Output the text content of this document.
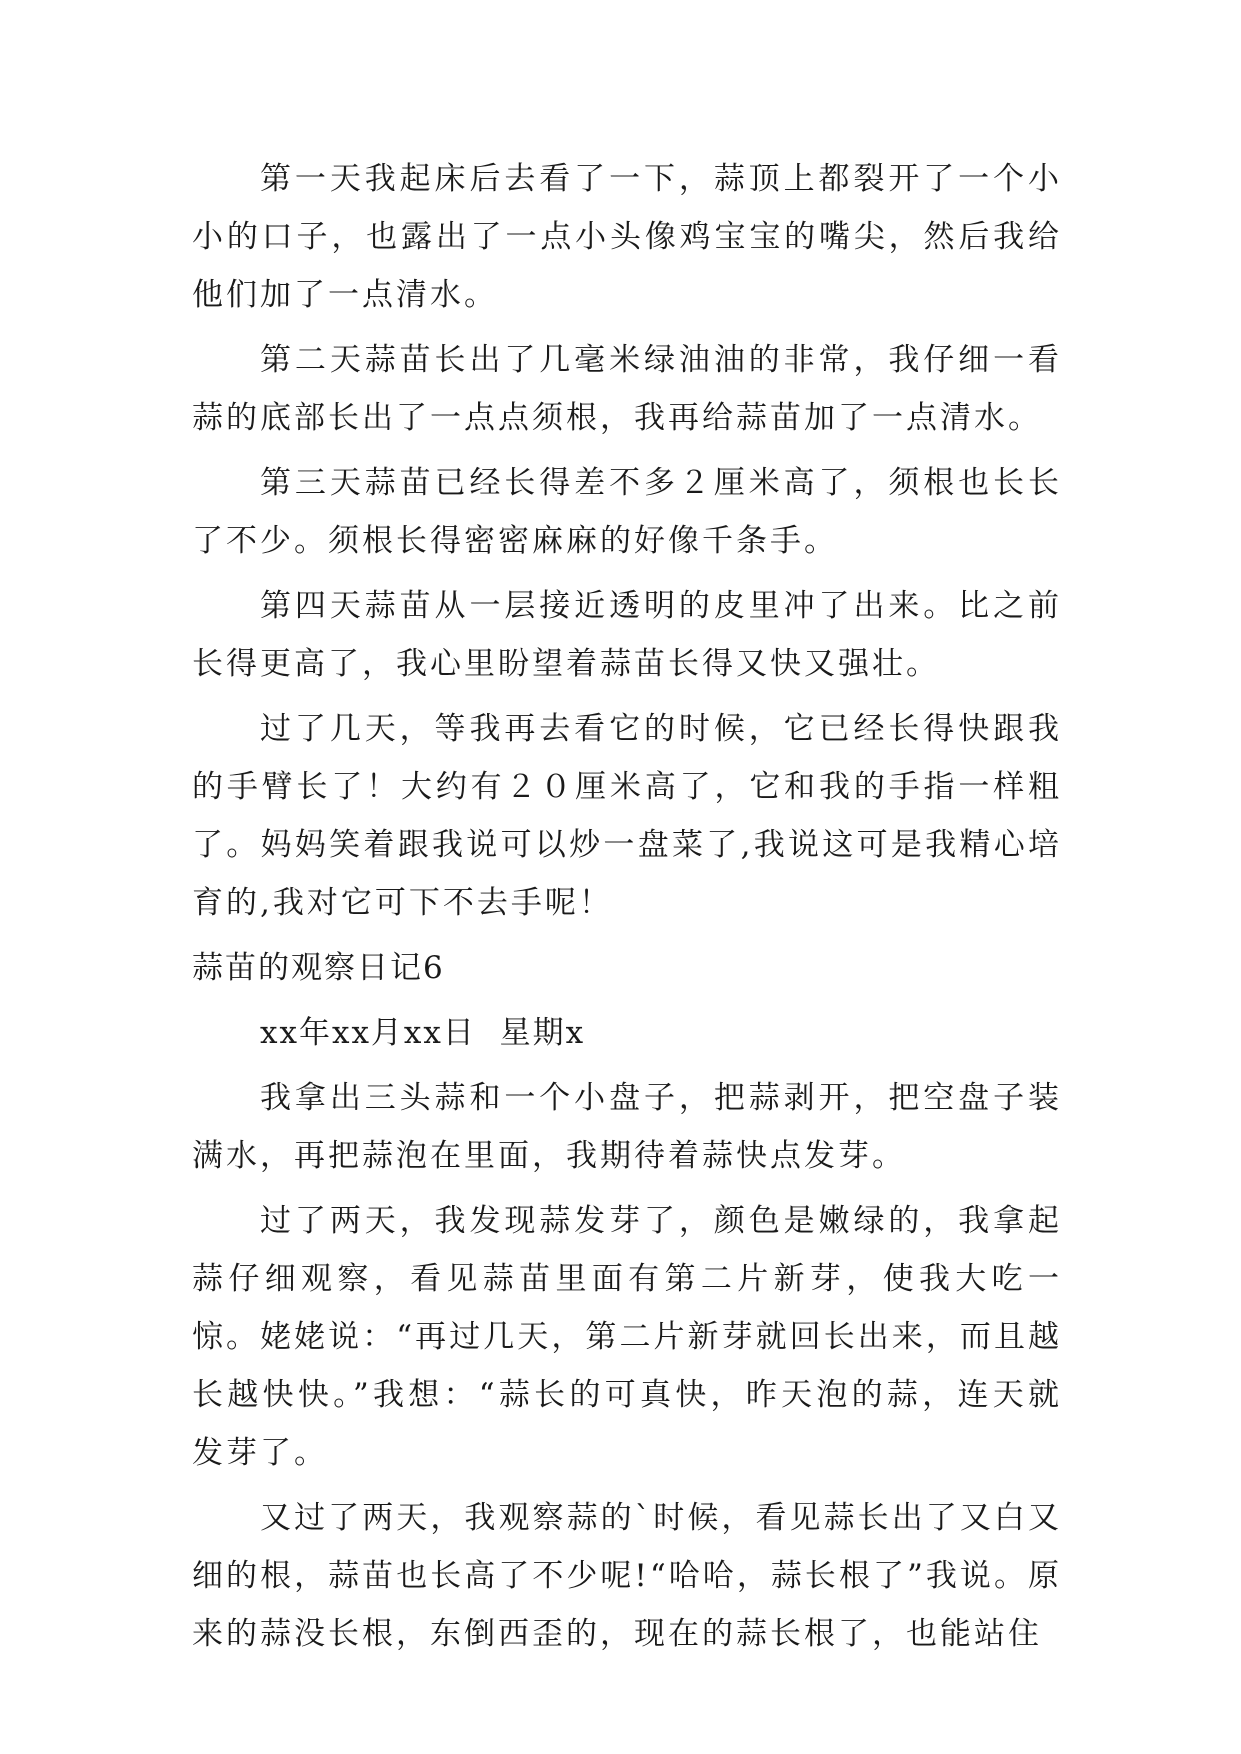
第一天我起床后去看了一下，蒜顶上都裂开了一个小小的口子，也露出了一点小头像鸡宝宝的嘴尖，然后我给他们加了一点清水。

第二天蒜苗长出了几毫米绿油油的非常，我仔细一看蒜的底部长出了一点点须根，我再给蒜苗加了一点清水。

第三天蒜苗已经长得差不多２厘米高了，须根也长长了不少。须根长得密密麻麻的好像千条手。

第四天蒜苗从一层接近透明的皮里冲了出来。比之前长得更高了，我心里盼望着蒜苗长得又快又强壮。

过了几天，等我再去看它的时候，它已经长得快跟我的手臂长了！大约有２０厘米高了，它和我的手指一样粗了。妈妈笑着跟我说可以炒一盘菜了,我说这可是我精心培育的,我对它可下不去手呢！

蒜苗的观察日记6
xx年xx月xx日  星期x

我拿出三头蒜和一个小盘子，把蒜剥开，把空盘子装满水，再把蒜泡在里面，我期待着蒜快点发芽。

过了两天，我发现蒜发芽了，颜色是嫩绿的，我拿起蒜仔细观察，看见蒜苗里面有第二片新芽，使我大吃一惊。姥姥说：“再过几天，第二片新芽就回长出来，而且越长越快快。”我想：“蒜长的可真快，昨天泡的蒜，连天就发芽了。

又过了两天，我观察蒜的`时候，看见蒜长出了又白又细的根，蒜苗也长高了不少呢!“哈哈，蒜长根了”我说。原来的蒜没长根，东倒西歪的，现在的蒜长根了，也能站住
